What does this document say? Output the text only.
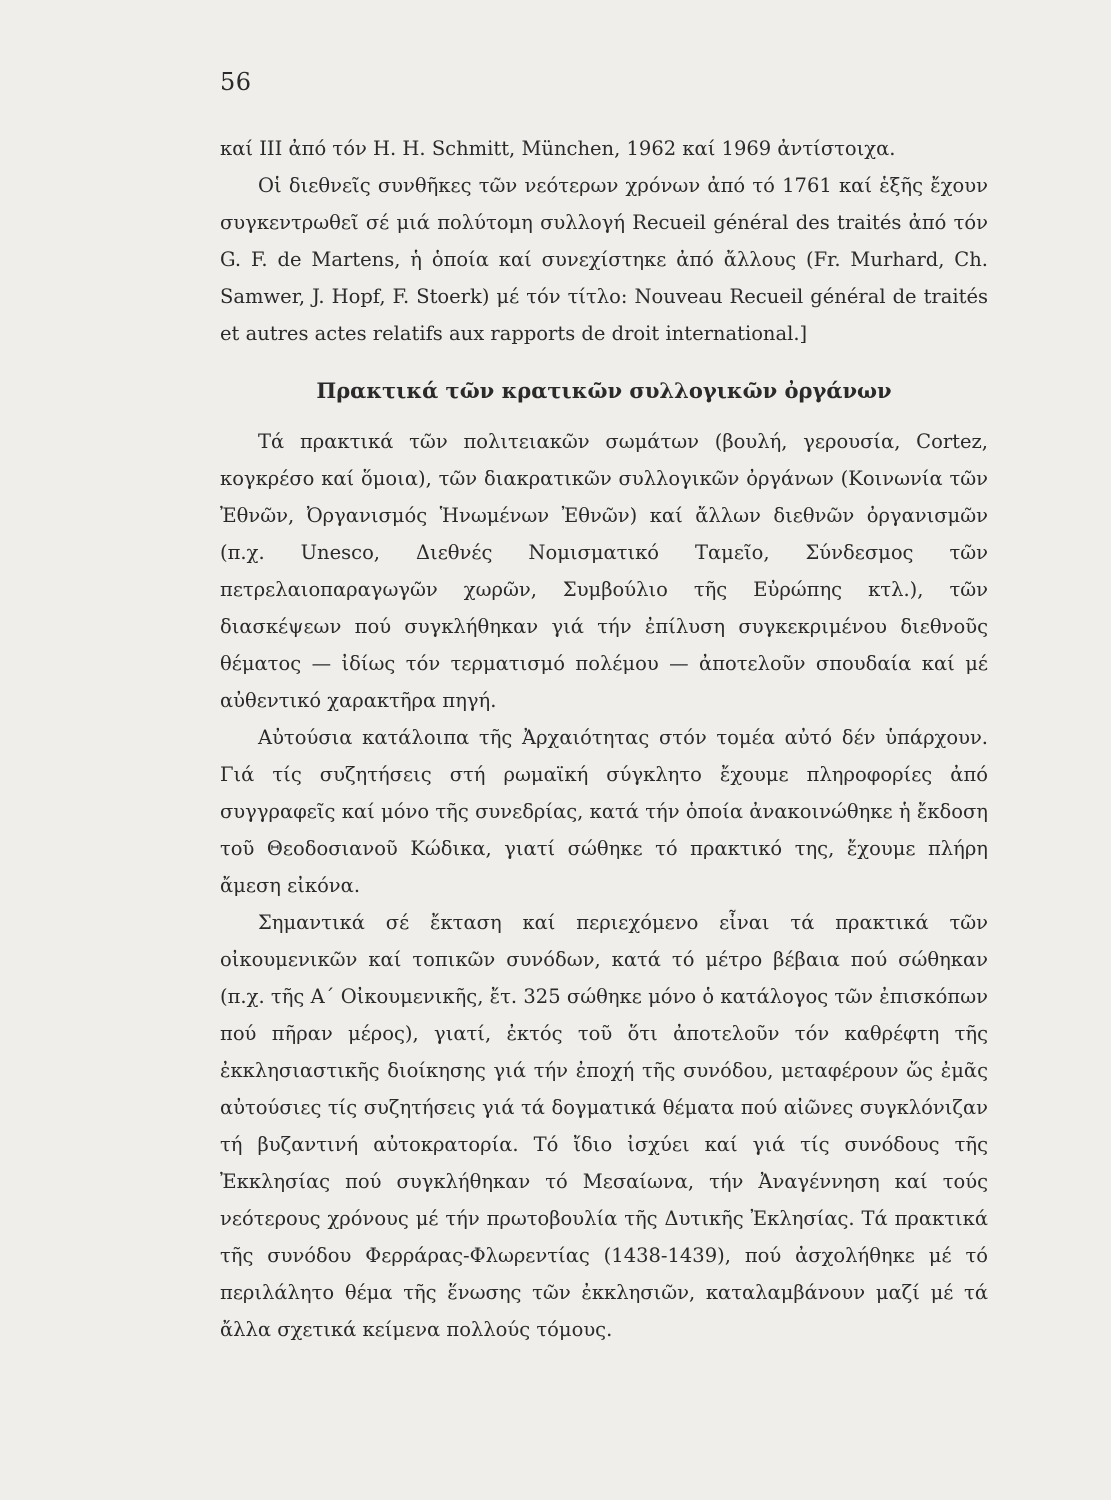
56

καί III ἀπό τόν H. H. Schmitt, München, 1962 καί 1969 ἀντίστοιχα.

Οἱ διεθνεῖς συνθῆκες τῶν νεότερων χρόνων ἀπό τό 1761 καί ἑξῆς ἔχουν συγκεντρωθεῖ σέ μιά πολύτομη συλλογή Recueil général des traités ἀπό τόν G. F. de Martens, ἡ ὁποία καί συνεχίστηκε ἀπό ἄλλους (Fr. Murhard, Ch. Samwer, J. Hopf, F. Stoerk) μέ τόν τίτλο: Nouveau Recueil général de traités et autres actes relatifs aux rapports de droit international.]

Πρακτικά τῶν κρατικῶν συλλογικῶν ὀργάνων

Τά πρακτικά τῶν πολιτειακῶν σωμάτων (βουλή, γερουσία, Cortez, κογκρέσο καί ὅμοια), τῶν διακρατικῶν συλλογικῶν ὀργάνων (Κοινωνία τῶν Ἐθνῶν, Ὀργανισμός Ἡνωμένων Ἐθνῶν) καί ἄλλων διεθνῶν ὀργανισμῶν (π.χ. Unesco, Διεθνές Νομισματικό Ταμεῖο, Σύνδεσμος τῶν πετρελαιοπαραγωγῶν χωρῶν, Συμβούλιο τῆς Εὐρώπης κτλ.), τῶν διασκέψεων πού συγκλήθηκαν γιά τήν ἐπίλυση συγκεκριμένου διεθνοῦς θέματος — ἰδίως τόν τερματισμό πολέμου — ἀποτελοῦν σπουδαία καί μέ αὐθεντικό χαρακτῆρα πηγή.

Αὐτούσια κατάλοιπα τῆς Ἀρχαιότητας στόν τομέα αὐτό δέν ὑπάρχουν. Γιά τίς συζητήσεις στή ρωμαϊκή σύγκλητο ἔχουμε πληροφορίες ἀπό συγγραφεῖς καί μόνο τῆς συνεδρίας, κατά τήν ὁποία ἀνακοινώθηκε ἡ ἔκδοση τοῦ Θεοδοσιανοῦ Κώδικα, γιατί σώθηκε τό πρακτικό της, ἔχουμε πλήρη ἄμεση εἰκόνα.

Σημαντικά σέ ἔκταση καί περιεχόμενο εἶναι τά πρακτικά τῶν οἰκουμενικῶν καί τοπικῶν συνόδων, κατά τό μέτρο βέβαια πού σώθηκαν (π.χ. τῆς Α΄ Οἰκουμενικῆς, ἔτ. 325 σώθηκε μόνο ὁ κατάλογος τῶν ἐπισκόπων πού πῆραν μέρος), γιατί, ἐκτός τοῦ ὅτι ἀποτελοῦν τόν καθρέφτη τῆς ἐκκλησιαστικῆς διοίκησης γιά τήν ἐποχή τῆς συνόδου, μεταφέρουν ὥς ἐμᾶς αὐτούσιες τίς συζητήσεις γιά τά δογματικά θέματα πού αἰῶνες συγκλόνιζαν τή βυζαντινή αὐτοκρατορία. Τό ἴδιο ἰσχύει καί γιά τίς συνόδους τῆς Ἐκκλησίας πού συγκλήθηκαν τό Μεσαίωνα, τήν Ἀναγέννηση καί τούς νεότερους χρόνους μέ τήν πρωτοβουλία τῆς Δυτικῆς Ἐκλησίας. Τά πρακτικά τῆς συνόδου Φερράρας-Φλωρεντίας (1438-1439), πού ἀσχολήθηκε μέ τό περιλάλητο θέμα τῆς ἕνωσης τῶν ἐκκλησιῶν, καταλαμβάνουν μαζί μέ τά ἄλλα σχετικά κείμενα πολλούς τόμους.
